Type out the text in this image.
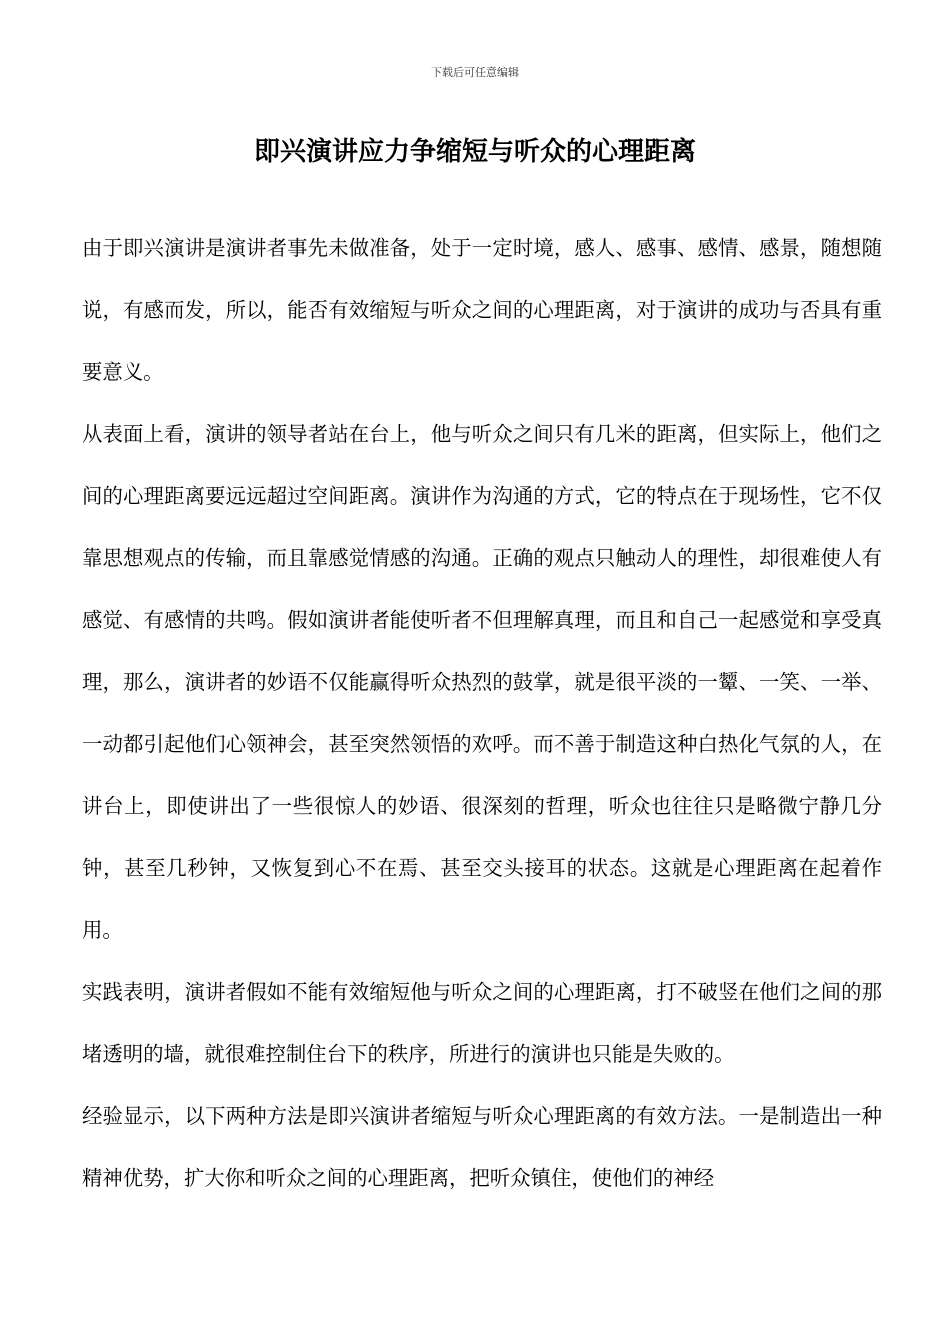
下载后可任意编辑
即兴演讲应力争缩短与听众的心理距离

由于即兴演讲是演讲者事先未做准备，处于一定时境，感人、感事、感情、感景，随想随说，有感而发，所以，能否有效缩短与听众之间的心理距离，对于演讲的成功与否具有重要意义。

从表面上看，演讲的领导者站在台上，他与听众之间只有几米的距离，但实际上，他们之间的心理距离要远远超过空间距离。演讲作为沟通的方式，它的特点在于现场性，它不仅靠思想观点的传输，而且靠感觉情感的沟通。正确的观点只触动人的理性，却很难使人有感觉、有感情的共鸣。假如演讲者能使听者不但理解真理，而且和自己一起感觉和享受真理，那么，演讲者的妙语不仅能赢得听众热烈的鼓掌，就是很平淡的一颦、一笑、一举、一动都引起他们心领神会，甚至突然领悟的欢呼。而不善于制造这种白热化气氛的人，在讲台上，即使讲出了一些很惊人的妙语、很深刻的哲理，听众也往往只是略微宁静几分钟，甚至几秒钟，又恢复到心不在焉、甚至交头接耳的状态。这就是心理距离在起着作用。

实践表明，演讲者假如不能有效缩短他与听众之间的心理距离，打不破竖在他们之间的那堵透明的墙，就很难控制住台下的秩序，所进行的演讲也只能是失败的。

经验显示，以下两种方法是即兴演讲者缩短与听众心理距离的有效方法。一是制造出一种精神优势，扩大你和听众之间的心理距离，把听众镇住，使他们的神经
